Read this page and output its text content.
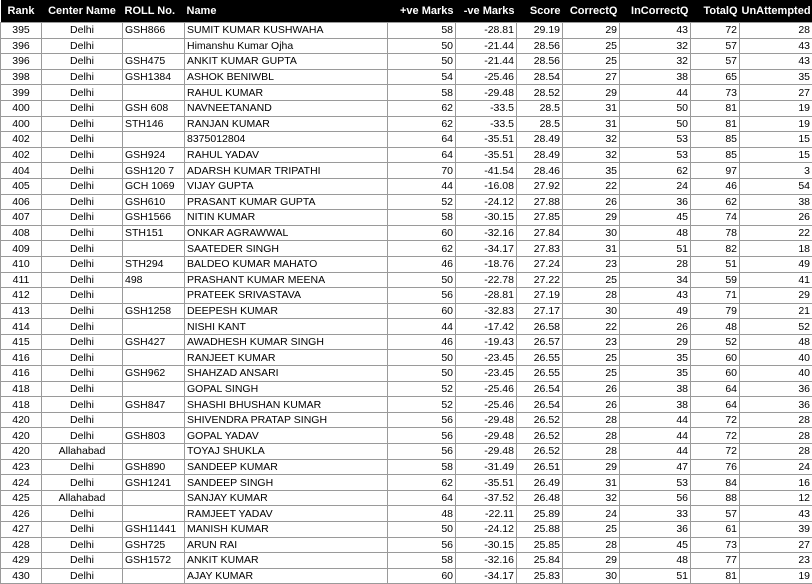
Rank	Center Name	ROLL No.	Name	+ve Marks	-ve Marks	Score	CorrectQ	InCorrectQ	TotalQ	UnAttempted
395	Delhi	GSH866	SUMIT KUMAR KUSHWAHA	58	-28.81	29.19	29	43	72	28
396	Delhi		Himanshu Kumar Ojha	50	-21.44	28.56	25	32	57	43
396	Delhi	GSH475	ANKIT KUMAR GUPTA	50	-21.44	28.56	25	32	57	43
398	Delhi	GSH1384	ASHOK BENIWBL	54	-25.46	28.54	27	38	65	35
399	Delhi		RAHUL KUMAR	58	-29.48	28.52	29	44	73	27
400	Delhi	GSH 608	NAVNEETANAND	62	-33.5	28.5	31	50	81	19
400	Delhi	STH146	RANJAN KUMAR	62	-33.5	28.5	31	50	81	19
402	Delhi		8375012804	64	-35.51	28.49	32	53	85	15
402	Delhi	GSH924	RAHUL YADAV	64	-35.51	28.49	32	53	85	15
404	Delhi	GSH120 7	ADARSH KUMAR TRIPATHI	70	-41.54	28.46	35	62	97	3
405	Delhi	GCH 1069	VIJAY GUPTA	44	-16.08	27.92	22	24	46	54
406	Delhi	GSH610	PRASANT KUMAR GUPTA	52	-24.12	27.88	26	36	62	38
407	Delhi	GSH1566	NITIN KUMAR	58	-30.15	27.85	29	45	74	26
408	Delhi	STH151	ONKAR AGRAWWAL	60	-32.16	27.84	30	48	78	22
409	Delhi		SAATEDER SINGH	62	-34.17	27.83	31	51	82	18
410	Delhi	STH294	BALDEO KUMAR MAHATO	46	-18.76	27.24	23	28	51	49
411	Delhi	498	PRASHANT KUMAR MEENA	50	-22.78	27.22	25	34	59	41
412	Delhi		PRATEEK SRIVASTAVA	56	-28.81	27.19	28	43	71	29
413	Delhi	GSH1258	DEEPESH KUMAR	60	-32.83	27.17	30	49	79	21
414	Delhi		NISHI KANT	44	-17.42	26.58	22	26	48	52
415	Delhi	GSH427	AWADHESH KUMAR SINGH	46	-19.43	26.57	23	29	52	48
416	Delhi		RANJEET KUMAR	50	-23.45	26.55	25	35	60	40
416	Delhi	GSH962	SHAHZAD ANSARI	50	-23.45	26.55	25	35	60	40
418	Delhi		GOPAL SINGH	52	-25.46	26.54	26	38	64	36
418	Delhi	GSH847	SHASHI BHUSHAN KUMAR	52	-25.46	26.54	26	38	64	36
420	Delhi		SHIVENDRA PRATAP SINGH	56	-29.48	26.52	28	44	72	28
420	Delhi	GSH803	GOPAL YADAV	56	-29.48	26.52	28	44	72	28
420	Allahabad		TOYAJ SHUKLA	56	-29.48	26.52	28	44	72	28
423	Delhi	GSH890	SANDEEP KUMAR	58	-31.49	26.51	29	47	76	24
424	Delhi	GSH1241	SANDEEP SINGH	62	-35.51	26.49	31	53	84	16
425	Allahabad		SANJAY KUMAR	64	-37.52	26.48	32	56	88	12
426	Delhi		RAMJEET YADAV	48	-22.11	25.89	24	33	57	43
427	Delhi	GSH11441	MANISH KUMAR	50	-24.12	25.88	25	36	61	39
428	Delhi	GSH725	ARUN RAI	56	-30.15	25.85	28	45	73	27
429	Delhi	GSH1572	ANKIT KUMAR	58	-32.16	25.84	29	48	77	23
430	Delhi		AJAY KUMAR	60	-34.17	25.83	30	51	81	19
